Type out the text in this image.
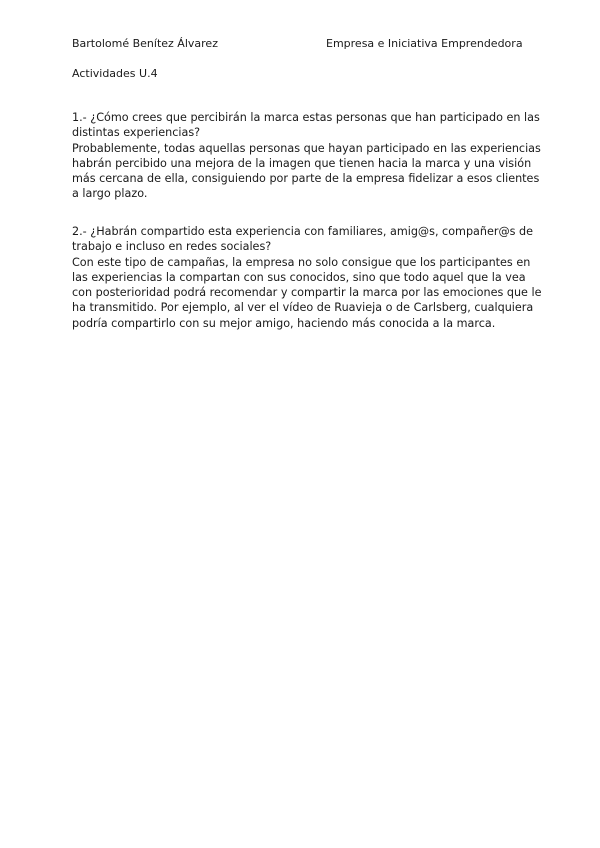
Bartolomé Benítez Álvarez	Empresa e Iniciativa Emprendedora
Actividades U.4
1.- ¿Cómo crees que percibirán la marca estas personas que han participado en las
distintas experiencias?
Probablemente, todas aquellas personas que hayan participado en las experiencias
habrán percibido una mejora de la imagen que tienen hacia la marca y una visión
más cercana de ella, consiguiendo por parte de la empresa fidelizar a esos clientes
a largo plazo.
2.- ¿Habrán compartido esta experiencia con familiares, amig@s, compañer@s de
trabajo e incluso en redes sociales?
Con este tipo de campañas, la empresa no solo consigue que los participantes en
las experiencias la compartan con sus conocidos, sino que todo aquel que la vea
con posterioridad podrá recomendar y compartir la marca por las emociones que le
ha transmitido. Por ejemplo, al ver el vídeo de Ruavieja o de Carlsberg, cualquiera
podría compartirlo con su mejor amigo, haciendo más conocida a la marca.
